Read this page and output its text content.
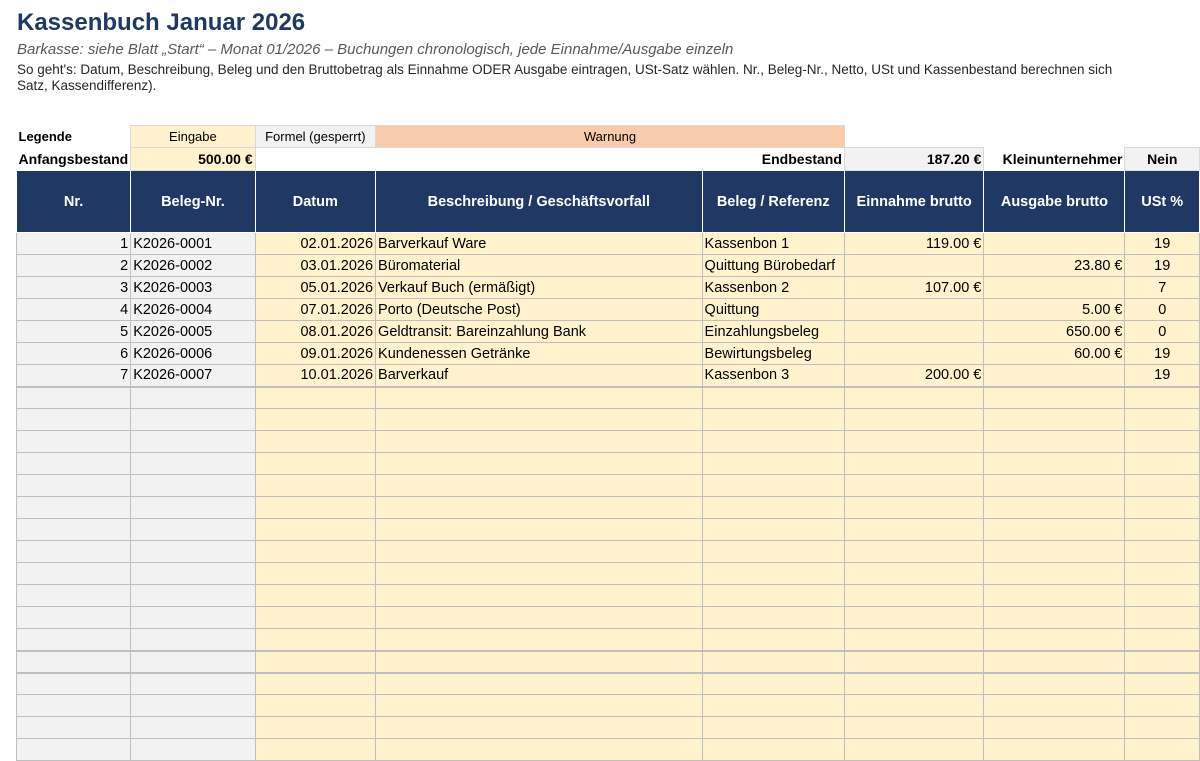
Kassenbuch Januar 2026
Barkasse: siehe Blatt „Start“ – Monat 01/2026 – Buchungen chronologisch, jede Einnahme/Ausgabe einzeln
So geht's: Datum, Beschreibung, Beleg und den Bruttobetrag als Einnahme ODER Ausgabe eintragen, USt-Satz wählen. Nr., Beleg-Nr., Netto, USt und Kassenbestand berechnen sich
Satz, Kassendifferenz).
Legende	Eingabe	Formel (gesperrt)	Warnung				
Anfangsbestand	500.00 €	Endbestand			187.20 €	Kleinunternehmer	Nein
Nr.	Beleg-Nr.	Datum	Beschreibung / Geschäftsvorfall	Beleg / Referenz	Einnahme brutto	Ausgabe brutto	USt %
1	K2026-0001	02.01.2026	Barverkauf Ware	Kassenbon 1	119.00 €		19
2	K2026-0002	03.01.2026	Büromaterial	Quittung Bürobedarf		23.80 €	19
3	K2026-0003	05.01.2026	Verkauf Buch (ermäßigt)	Kassenbon 2	107.00 €		7
4	K2026-0004	07.01.2026	Porto (Deutsche Post)	Quittung		5.00 €	0
5	K2026-0005	08.01.2026	Geldtransit: Bareinzahlung Bank	Einzahlungsbeleg		650.00 €	0
6	K2026-0006	09.01.2026	Kundenessen Getränke	Bewirtungsbeleg		60.00 €	19
7	K2026-0007	10.01.2026	Barverkauf	Kassenbon 3	200.00 €		19
